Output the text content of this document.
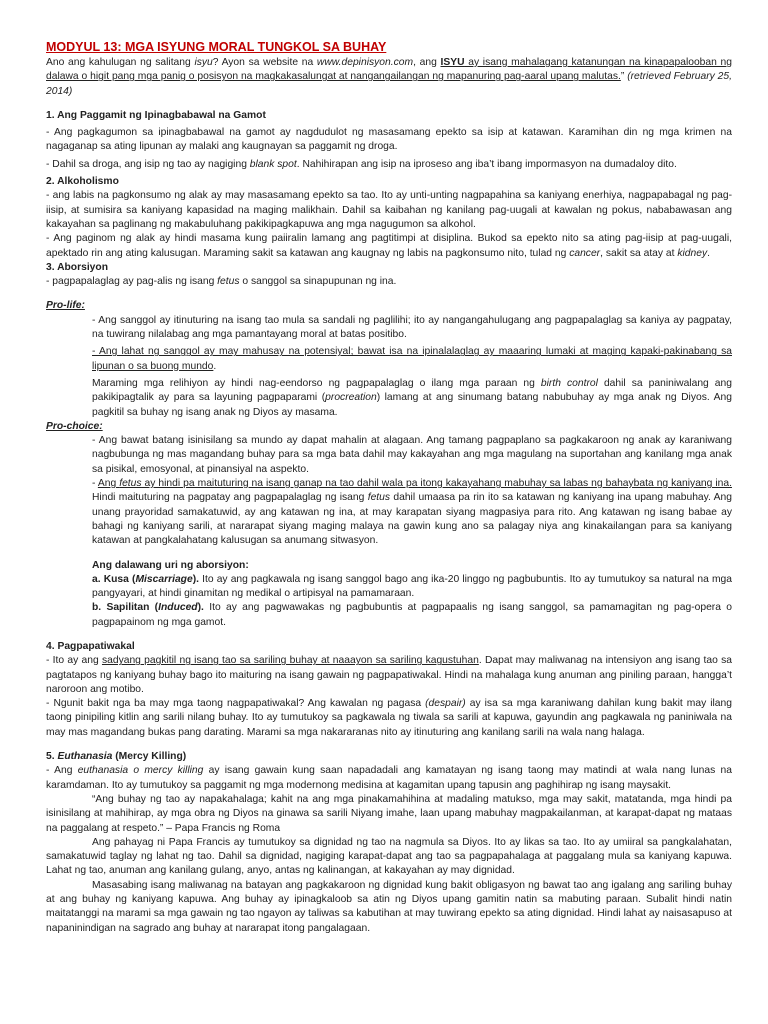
MODYUL 13: MGA ISYUNG MORAL TUNGKOL SA BUHAY

Ano ang kahulugan ng salitang isyu? Ayon sa website na www.depinisyon.com, ang ISYU ay isang mahalagang katanungan na kinapapalooban ng dalawa o higit pang mga panig o posisyon na magkakasalungat at nangangailangan ng mapanuring pag-aaral upang malutas.” (retrieved February 25, 2014)

1. Ang Paggamit ng Ipinagbabawal na Gamot

- Ang pagkagumon sa ipinagbabawal na gamot ay nagdudulot ng masasamang epekto sa isip at katawan. Karamihan din ng mga krimen na nagaganap sa ating lipunan ay malaki ang kaugnayan sa paggamit ng droga.

- Dahil sa droga, ang isip ng tao ay nagiging blank spot. Nahihirapan ang isip na iproseso ang iba’t ibang impormasyon na dumadaloy dito.

2. Alkoholismo

- ang labis na pagkonsumo ng alak ay may masasamang epekto sa tao. Ito ay unti-unting nagpapahina sa kaniyang enerhiya, nagpapabagal ng pag-iisip, at sumisira sa kaniyang kapasidad na maging malikhain. Dahil sa kaibahan ng kanilang pag-uugali at kawalan ng pokus, nababawasan ang kakayahan sa paglinang ng makabuluhang pakikipagkapuwa ang mga nagugumon sa alkohol.

- Ang paginom ng alak ay hindi masama kung paiiralin lamang ang pagtitimpi at disiplina. Bukod sa epekto nito sa ating pag-iisip at pag-uugali, apektado rin ang ating kalusugan. Maraming sakit sa katawan ang kaugnay ng labis na pagkonsumo nito, tulad ng cancer, sakit sa atay at kidney.

3. Aborsiyon

- pagpapalaglag ay pag-alis ng isang fetus o sanggol sa sinapupunan ng ina.

Pro-life:

- Ang sanggol ay itinuturing na isang tao mula sa sandali ng paglilihi; ito ay nangangahulugang ang pagpapalaglag sa kaniya ay pagpatay, na tuwirang nilalabag ang mga pamantayang moral at batas positibo.

- Ang lahat ng sanggol ay may mahusay na potensiyal; bawat isa na ipinalalaglag ay maaaring lumaki at maging kapaki-pakinabang sa lipunan o sa buong mundo.

Maraming mga relihiyon ay hindi nag-eendorso ng pagpapalaglag o ilang mga paraan ng birth control dahil sa paniniwalang ang pakikipagtalik ay para sa layuning pagpaparami (procreation) lamang at ang sinumang batang nabubuhay ay mga anak ng Diyos. Ang pagkitil sa buhay ng isang anak ng Diyos ay masama.

Pro-choice:

- Ang bawat batang isinisilang sa mundo ay dapat mahalin at alagaan. Ang tamang pagpaplano sa pagkakaroon ng anak ay karaniwang nagbubunga ng mas magandang buhay para sa mga bata dahil may kakayahan ang mga magulang na suportahan ang kanilang mga anak sa pisikal, emosyonal, at pinansiyal na aspekto.

- Ang fetus ay hindi pa maituturing na isang ganap na tao dahil wala pa itong kakayahang mabuhay sa labas ng bahaybata ng kaniyang ina. Hindi maituturing na pagpatay ang pagpapalaglag ng isang fetus dahil umaasa pa rin ito sa katawan ng kaniyang ina upang mabuhay. Ang unang prayoridad samakatuwid, ay ang katawan ng ina, at may karapatan siyang magpasiya para rito. Ang katawan ng isang babae ay bahagi ng kaniyang sarili, at nararapat siyang maging malaya na gawin kung ano sa palagay niya ang kinakailangan para sa kaniyang katawan at pangkalahatang kalusugan sa anumang sitwasyon.

Ang dalawang uri ng aborsiyon:

a. Kusa (Miscarriage). Ito ay ang pagkawala ng isang sanggol bago ang ika-20 linggo ng pagbubuntis. Ito ay tumutukoy sa natural na mga pangyayari, at hindi ginamitan ng medikal o artipisyal na pamamaraan.

b. Sapilitan (Induced). Ito ay ang pagwawakas ng pagbubuntis at pagpapaalis ng isang sanggol, sa pamamagitan ng pag-opera o pagpapainom ng mga gamot.

4. Pagpapatiwakal

- Ito ay ang sadyang pagkitil ng isang tao sa sariling buhay at naaayon sa sariling kagustuhan. Dapat may maliwanag na intensiyon ang isang tao sa pagtatapos ng kaniyang buhay bago ito maituring na isang gawain ng pagpapatiwakal. Hindi na mahalaga kung anuman ang piniling paraan, hangga’t naroroon ang motibo.

- Ngunit bakit nga ba may mga taong nagpapatiwakal? Ang kawalan ng pagasa (despair) ay isa sa mga karaniwang dahilan kung bakit may ilang taong pinipiling kitlin ang sarili nilang buhay. Ito ay tumutukoy sa pagkawala ng tiwala sa sarili at kapuwa, gayundin ang pagkawala ng paniniwala na may mas magandang bukas pang darating. Marami sa mga nakararanas nito ay itinuturing ang kanilang sarili na wala nang halaga.

5. Euthanasia (Mercy Killing)

- Ang euthanasia o mercy killing ay isang gawain kung saan napadadali ang kamatayan ng isang taong may matindi at wala nang lunas na karamdaman. Ito ay tumutukoy sa paggamit ng mga modernong medisina at kagamitan upang tapusin ang paghihirap ng isang maysakit.

“Ang buhay ng tao ay napakahalaga; kahit na ang mga pinakamahihina at madaling matukso, mga may sakit, matatanda, mga hindi pa isinisilang at mahihirap, ay mga obra ng Diyos na ginawa sa sarili Niyang imahe, laan upang mabuhay magpakailanman, at karapat-dapat ng mataas na paggalang at respeto.” – Papa Francis ng Roma

Ang pahayag ni Papa Francis ay tumutukoy sa dignidad ng tao na nagmula sa Diyos. Ito ay likas sa tao. Ito ay umiiral sa pangkalahatan, samakatuwid taglay ng lahat ng tao. Dahil sa dignidad, nagiging karapat-dapat ang tao sa pagpapahalaga at paggalang mula sa kaniyang kapuwa. Lahat ng tao, anuman ang kanilang gulang, anyo, antas ng kalinangan, at kakayahan ay may dignidad.

Masasabing isang maliwanag na batayan ang pagkakaroon ng dignidad kung bakit obligasyon ng bawat tao ang igalang ang sariling buhay at ang buhay ng kaniyang kapuwa. Ang buhay ay ipinagkaloob sa atin ng Diyos upang gamitin natin sa mabuting paraan. Subalit hindi natin maitatanggi na marami sa mga gawain ng tao ngayon ay taliwas sa kabutihan at may tuwirang epekto sa ating dignidad. Hindi lahat ay naisasapuso at napaninindigan na sagrado ang buhay at nararapat itong pangalagaan.
